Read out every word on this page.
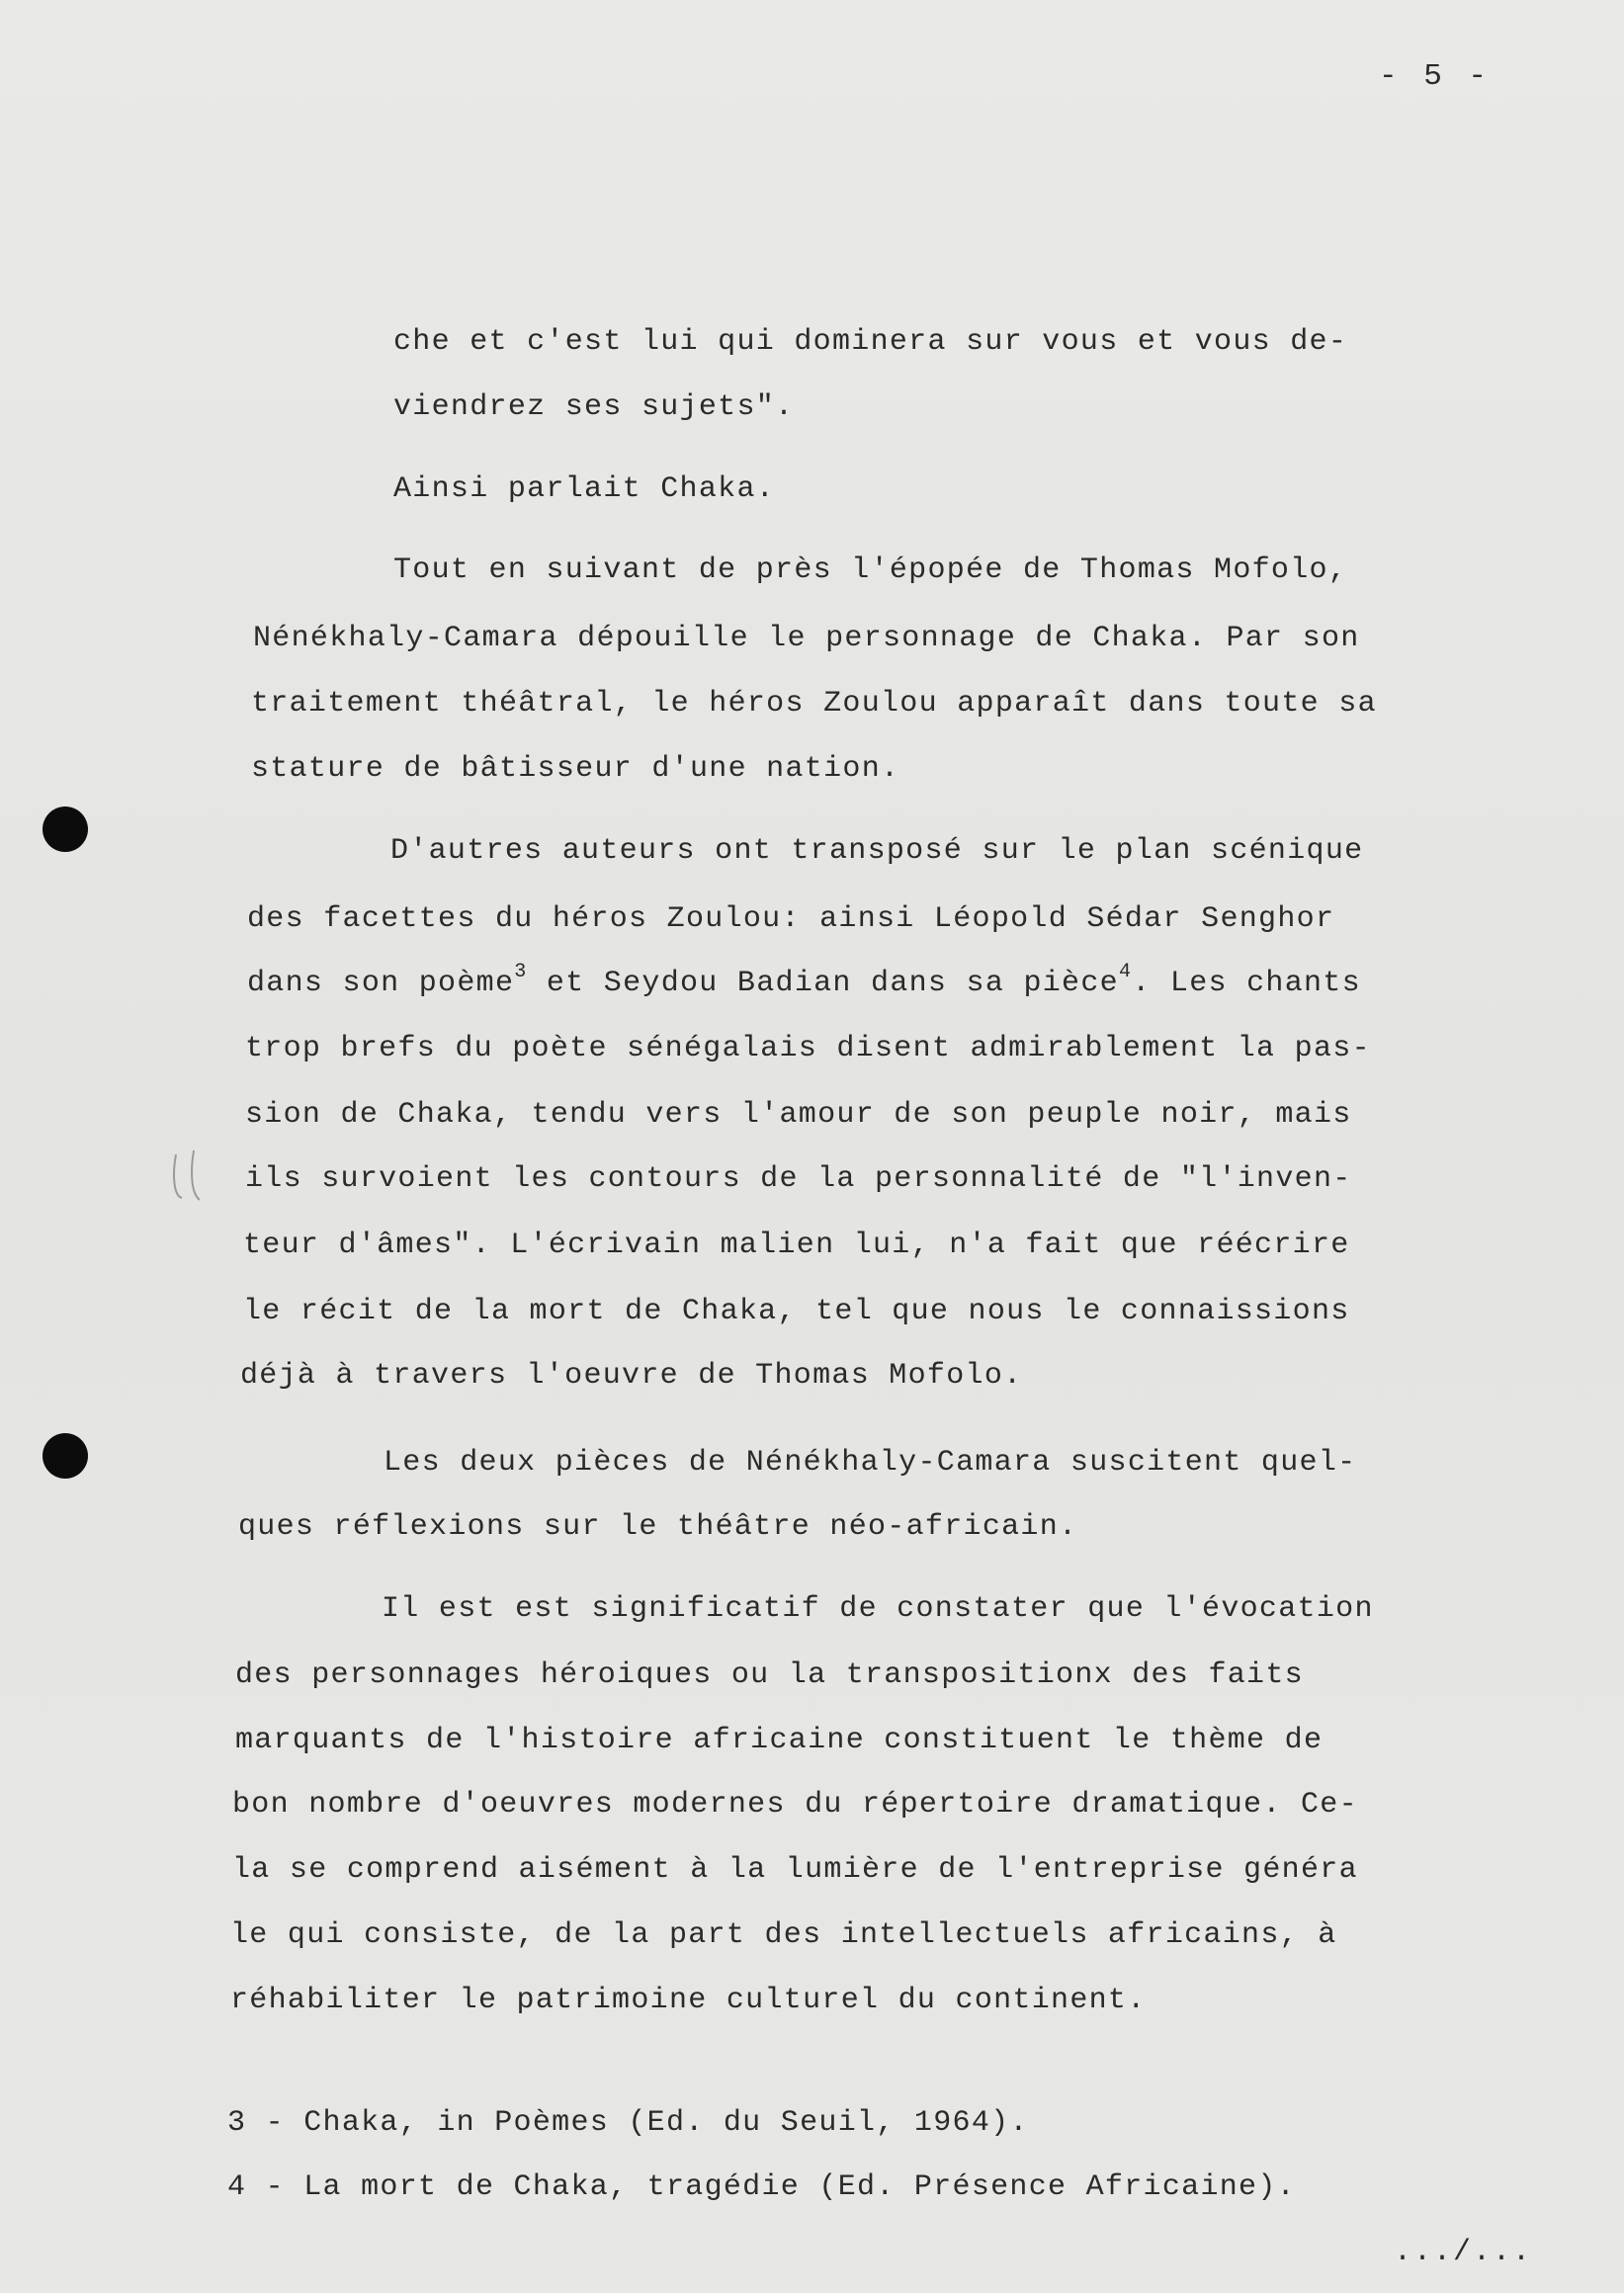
- 5 -
che et c'est lui qui dominera sur vous et vous de-
viendrez ses sujets".
Ainsi parlait Chaka.
Tout en suivant de près l'épopée de Thomas Mofolo,
Nénékhaly-Camara dépouille le personnage de Chaka. Par son
traitement théâtral, le héros Zoulou apparaît dans toute sa
stature de bâtisseur d'une nation.
D'autres auteurs ont transposé sur le plan scénique
des facettes du héros Zoulou: ainsi Léopold Sédar Senghor
dans son poème$^3$ et Seydou Badian dans sa pièce$^4$. Les chants
trop brefs du poète sénégalais disent admirablement la pas-
sion de Chaka, tendu vers l'amour de son peuple noir, mais
ils survoient les contours de la personnalité de "l'inven-
teur d'âmes". L'écrivain malien lui, n'a fait que réécrire
le récit de la mort de Chaka, tel que nous le connaissions
déjà à travers l'oeuvre de Thomas Mofolo.
Les deux pièces de Nénékhaly-Camara suscitent quel-
ques réflexions sur le théâtre néo-africain.
Il est est significatif de constater que l'évocation
des personnages héroiques ou la transpositionx des faits
marquants de l'histoire africaine constituent le thème de
bon nombre d'oeuvres modernes du répertoire dramatique. Ce-
la se comprend aisément à la lumière de l'entreprise généra
le qui consiste, de la part des intellectuels africains, à
réhabiliter le patrimoine culturel du continent.
3 - Chaka, in Poèmes (Ed. du Seuil, 1964).
4 - La mort de Chaka, tragédie (Ed. Présence Africaine).
.../...
